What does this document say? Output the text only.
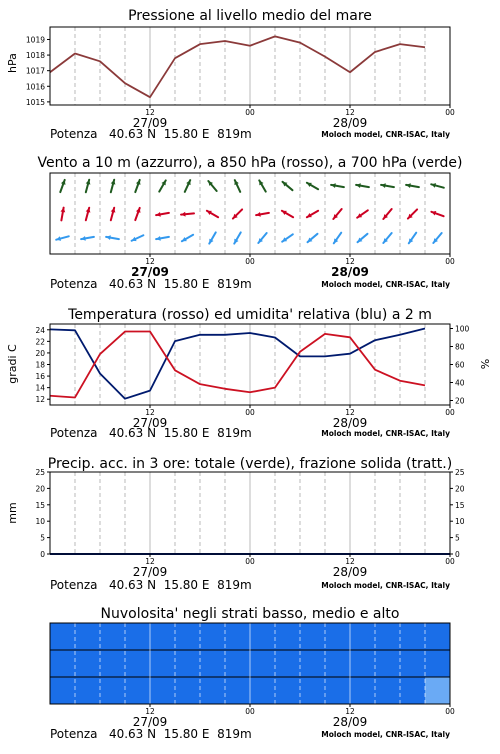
Pressione al livello medio del mare
hPa
1015
1016
1017
1018
1019
12	00	12	00
27/09	28/09
Potenza   40.63 N  15.80 E  819m	Moloch model, CNR-ISAC, Italy
Vento a 10 m (azzurro), a 850 hPa (rosso), a 700 hPa (verde)
12	00	12	00
27/09	28/09
Potenza   40.63 N  15.80 E  819m	Moloch model, CNR-ISAC, Italy
Temperatura (rosso) ed umidita' relativa (blu) a 2 m
gradi C	%
12
14
16
18
20
22
24
20
40
60
80
100
12	00	12	00
27/09	28/09
Potenza   40.63 N  15.80 E  819m	Moloch model, CNR-ISAC, Italy
Precip. acc. in 3 ore: totale (verde), frazione solida (tratt.)
mm
0
5
10
15
20
25
0
5
10
15
20
25
12	00	12	00
27/09	28/09
Potenza   40.63 N  15.80 E  819m	Moloch model, CNR-ISAC, Italy
Nuvolosita' negli strati basso, medio e alto
12	00	12	00
27/09	28/09
Potenza   40.63 N  15.80 E  819m	Moloch model, CNR-ISAC, Italy
